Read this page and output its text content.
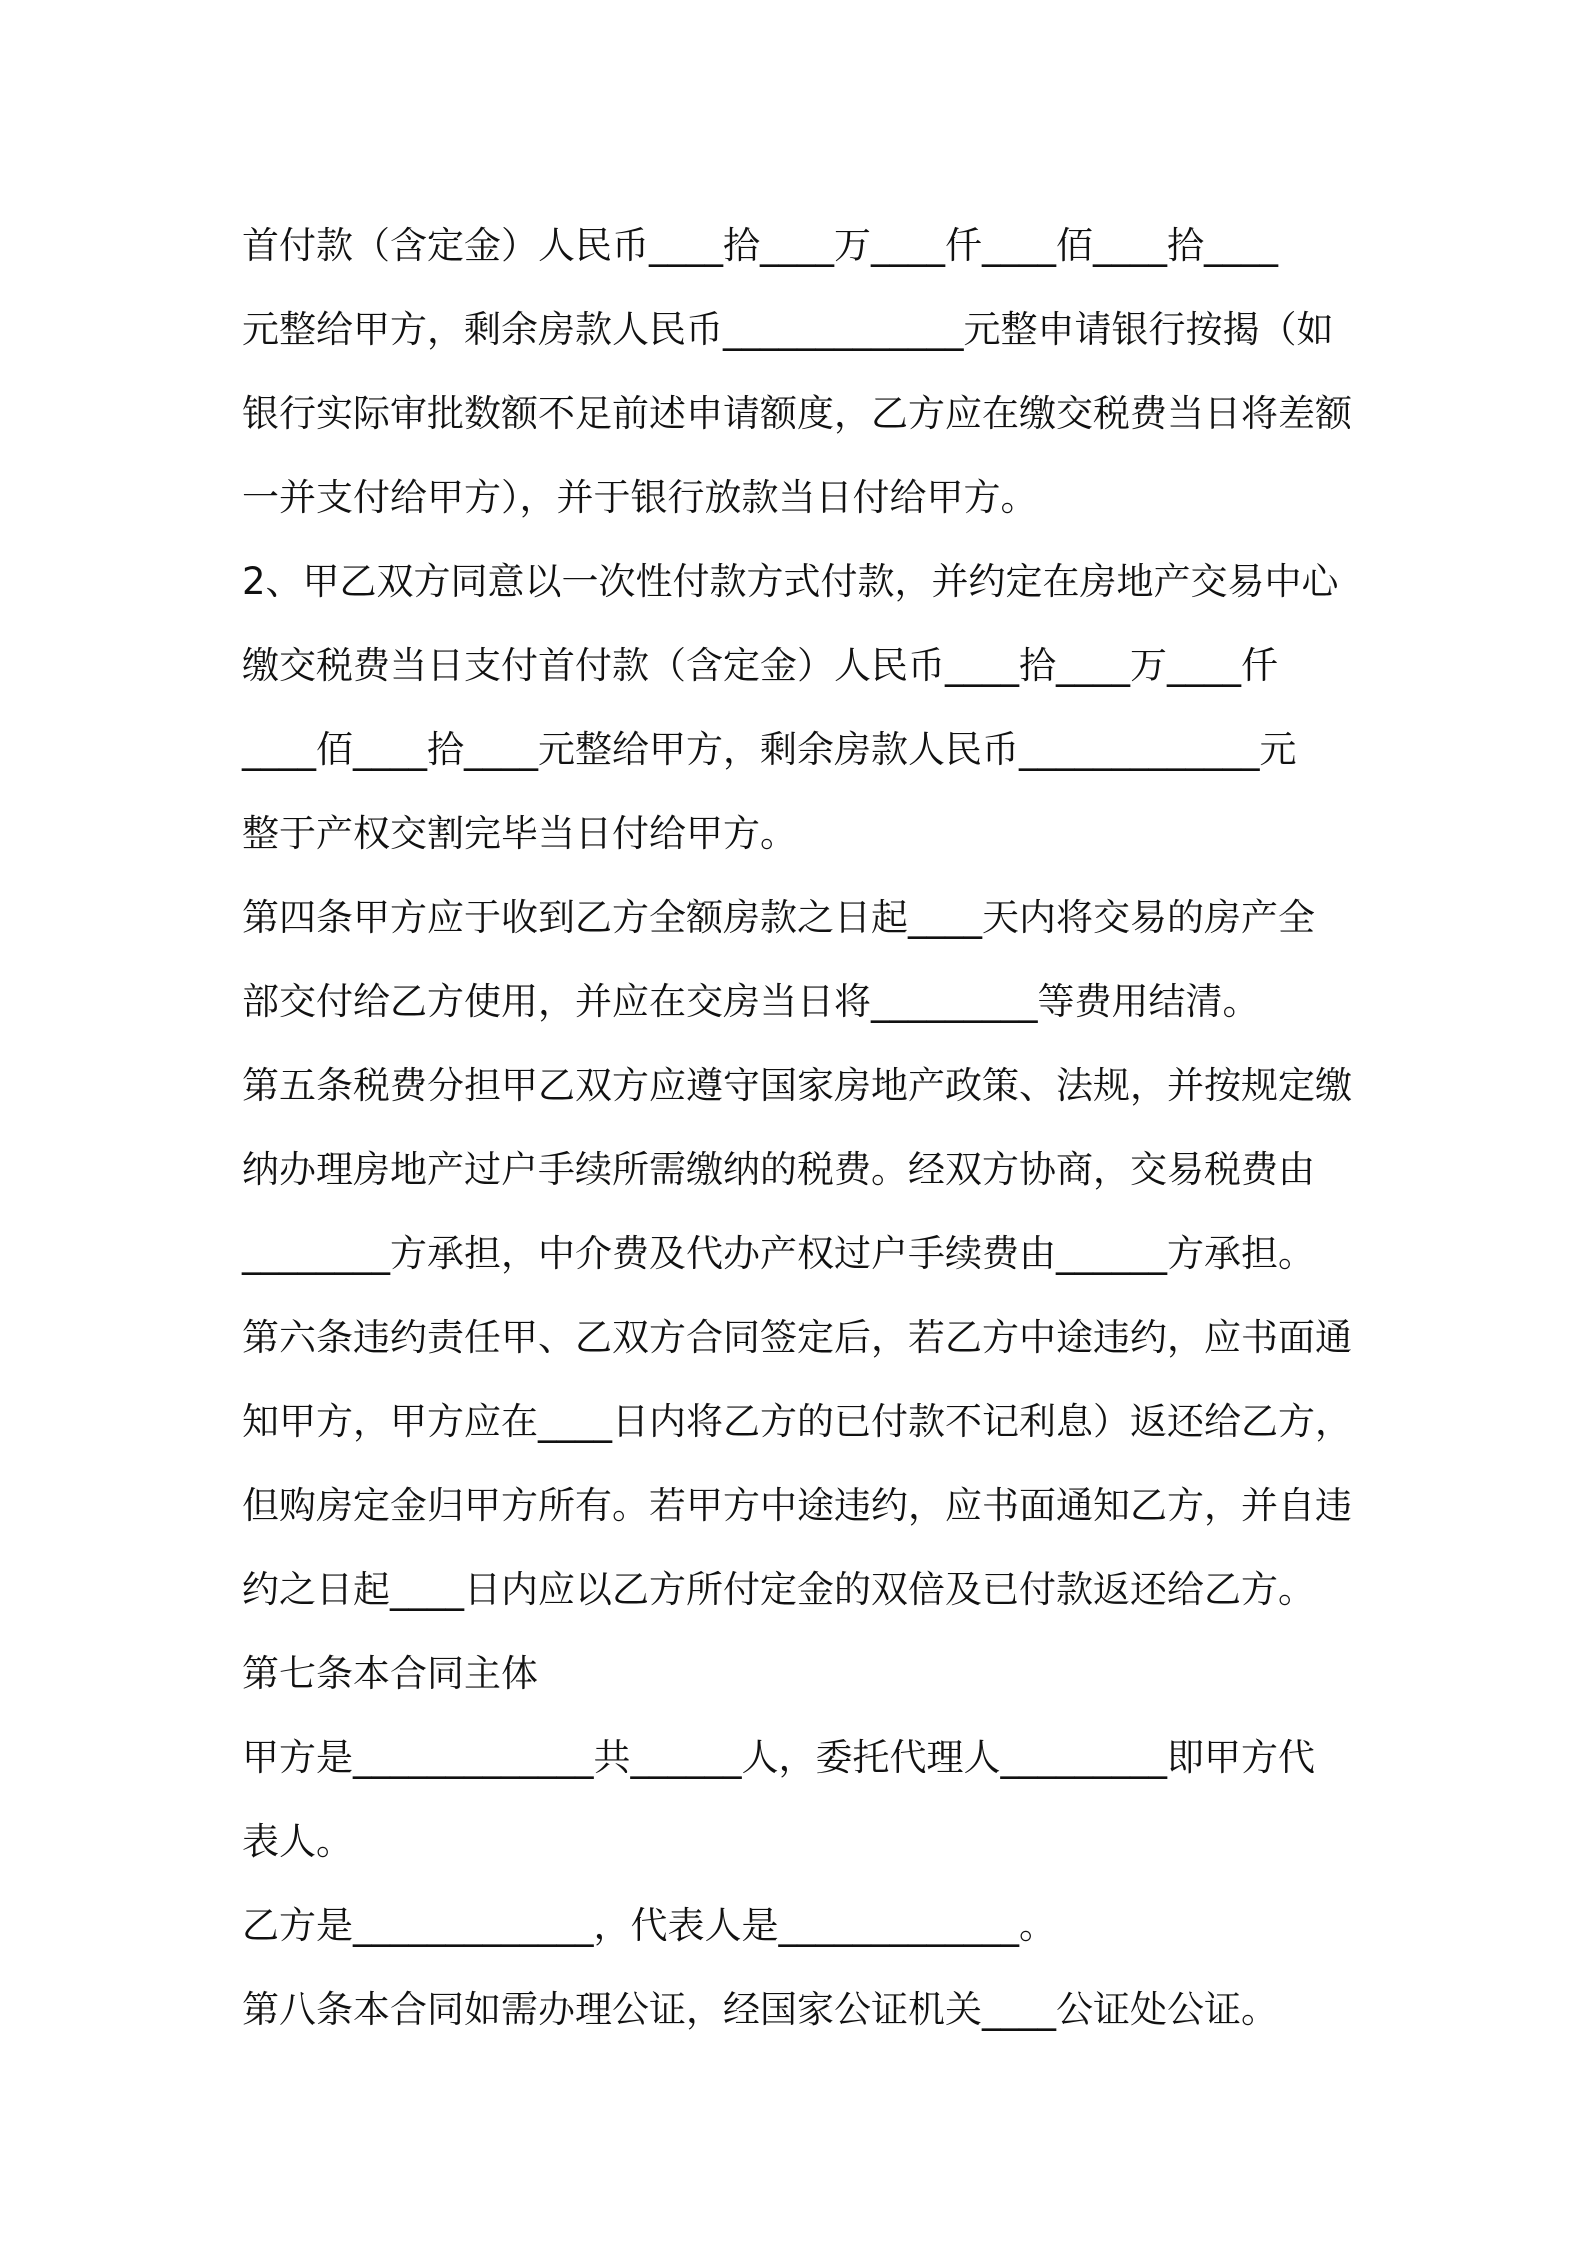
首付款（含定金）人民币____拾____万____仟____佰____拾____

元整给甲方，剩余房款人民币_____________元整申请银行按揭（如

银行实际审批数额不足前述申请额度，乙方应在缴交税费当日将差额

一并支付给甲方），并于银行放款当日付给甲方。

2、甲乙双方同意以一次性付款方式付款，并约定在房地产交易中心

缴交税费当日支付首付款（含定金）人民币____拾____万____仟

____佰____拾____元整给甲方，剩余房款人民币_____________元

整于产权交割完毕当日付给甲方。

第四条甲方应于收到乙方全额房款之日起____天内将交易的房产全

部交付给乙方使用，并应在交房当日将_________等费用结清。

第五条税费分担甲乙双方应遵守国家房地产政策、法规，并按规定缴

纳办理房地产过户手续所需缴纳的税费。经双方协商，交易税费由

________方承担，中介费及代办产权过户手续费由______方承担。

第六条违约责任甲、乙双方合同签定后，若乙方中途违约，应书面通

知甲方，甲方应在____日内将乙方的已付款不记利息）返还给乙方，

但购房定金归甲方所有。若甲方中途违约，应书面通知乙方，并自违

约之日起____日内应以乙方所付定金的双倍及已付款返还给乙方。

第七条本合同主体

甲方是_____________共______人，委托代理人_________即甲方代

表人。

乙方是_____________，代表人是_____________。

第八条本合同如需办理公证，经国家公证机关____公证处公证。
